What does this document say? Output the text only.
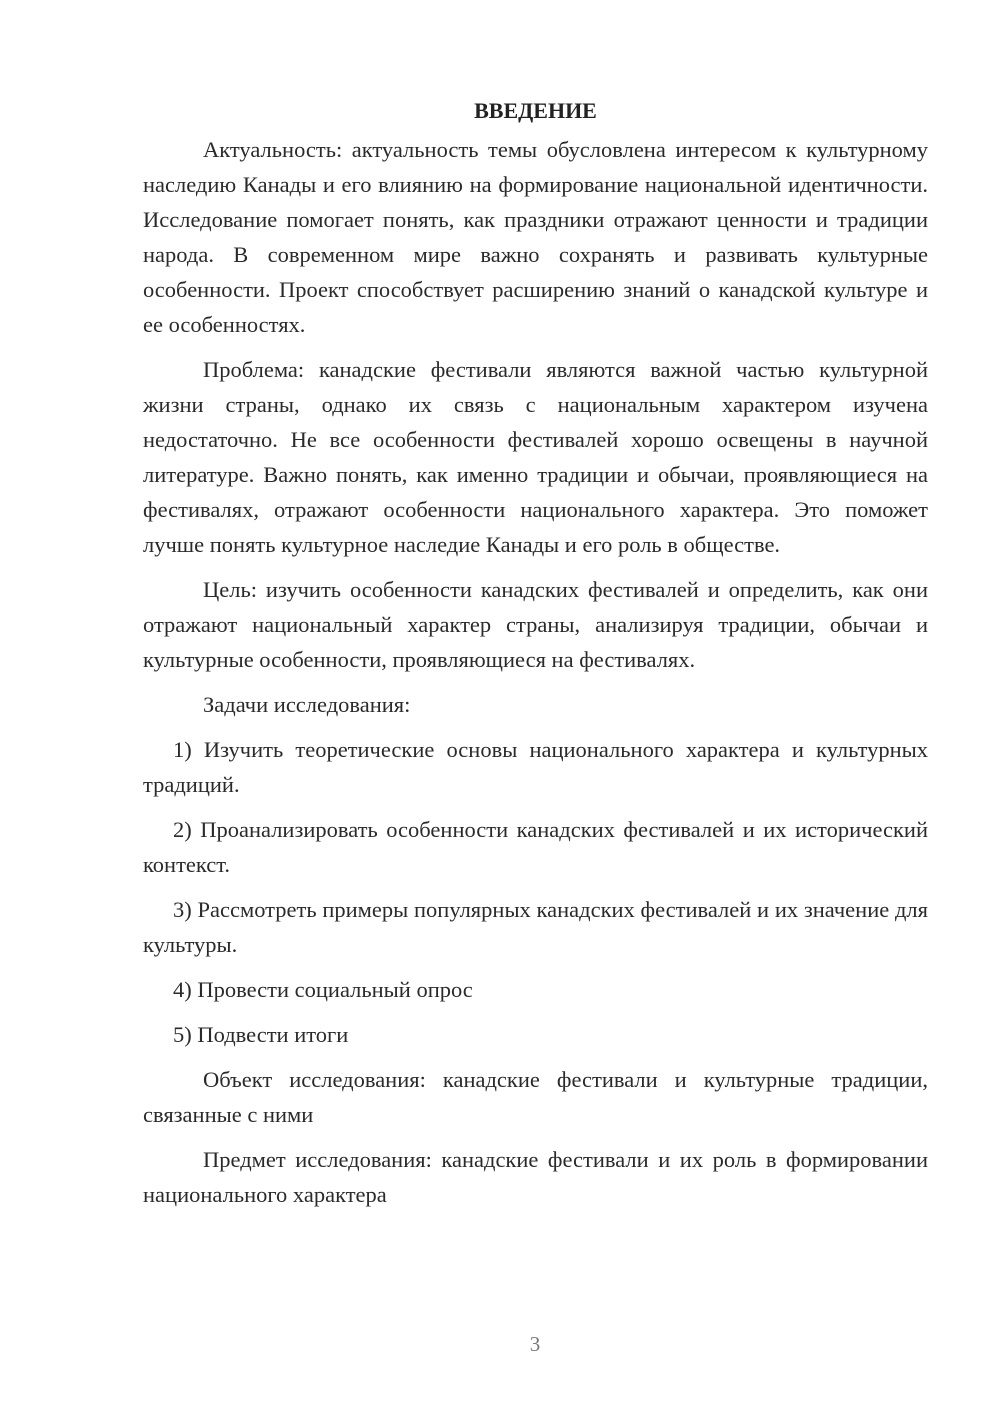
ВВЕДЕНИЕ

Актуальность: актуальность темы обусловлена интересом к культурному наследию Канады и его влиянию на формирование национальной идентичности. Исследование помогает понять, как праздники отражают ценности и традиции народа. В современном мире важно сохранять и развивать культурные особенности. Проект способствует расширению знаний о канадской культуре и ее особенностях.

Проблема: канадские фестивали являются важной частью культурной жизни страны, однако их связь с национальным характером изучена недостаточно. Не все особенности фестивалей хорошо освещены в научной литературе. Важно понять, как именно традиции и обычаи, проявляющиеся на фестивалях, отражают особенности национального характера. Это поможет лучше понять культурное наследие Канады и его роль в обществе.

Цель: изучить особенности канадских фестивалей и определить, как они отражают национальный характер страны, анализируя традиции, обычаи и культурные особенности, проявляющиеся на фестивалях.

Задачи исследования:

1) Изучить теоретические основы национального характера и культурных традиций.

2) Проанализировать особенности канадских фестивалей и их исторический контекст.

3) Рассмотреть примеры популярных канадских фестивалей и их значение для культуры.

4) Провести социальный опрос

5) Подвести итоги

Объект исследования: канадские фестивали и культурные традиции, связанные с ними

Предмет исследования: канадские фестивали и их роль в формировании национального характера

3
